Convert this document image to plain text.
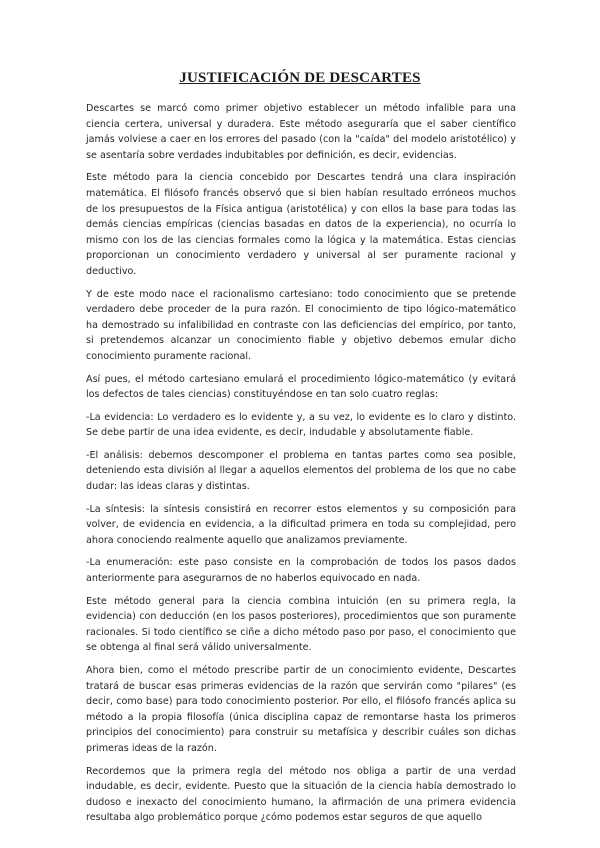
JUSTIFICACIÓN DE DESCARTES

Descartes se marcó como primer objetivo establecer un método infalible para una ciencia certera, universal y duradera. Este método aseguraría que el saber científico jamás volviese a caer en los errores del pasado (con la "caída" del modelo aristotélico) y se asentaría sobre verdades indubitables por definición, es decir, evidencias.

Este método para la ciencia concebido por Descartes tendrá una clara inspiración matemática. El filósofo francés observó que si bien habían resultado erróneos muchos de los presupuestos de la Física antigua (aristotélica) y con ellos la base para todas las demás ciencias empíricas (ciencias basadas en datos de la experiencia), no ocurría lo mismo con los de las ciencias formales como la lógica y la matemática. Estas ciencias proporcionan un conocimiento verdadero y universal al ser puramente racional y deductivo.

Y de este modo nace el racionalismo cartesiano: todo conocimiento que se pretende verdadero debe proceder de la pura razón. El conocimiento de tipo lógico-matemático ha demostrado su infalibilidad en contraste con las deficiencias del empírico, por tanto, si pretendemos alcanzar un conocimiento fiable y objetivo debemos emular dicho conocimiento puramente racional.

Así pues, el método cartesiano emulará el procedimiento lógico-matemático (y evitará los defectos de tales ciencias) constituyéndose en tan solo cuatro reglas:

-La evidencia: Lo verdadero es lo evidente y, a su vez, lo evidente es lo claro y distinto. Se debe partir de una idea evidente, es decir, indudable y absolutamente fiable.

-El análisis: debemos descomponer el problema en tantas partes como sea posible, deteniendo esta división al llegar a aquellos elementos del problema de los que no cabe dudar: las ideas claras y distintas.

-La síntesis: la síntesis consistirá en recorrer estos elementos y su composición para volver, de evidencia en evidencia, a la dificultad primera en toda su complejidad, pero ahora conociendo realmente aquello que analizamos previamente.

-La enumeración: este paso consiste en la comprobación de todos los pasos dados anteriormente para asegurarnos de no haberlos equivocado en nada.

Este método general para la ciencia combina intuición (en su primera regla, la evidencia) con deducción (en los pasos posteriores), procedimientos que son puramente racionales. Si todo científico se ciñe a dicho método paso por paso, el conocimiento que se obtenga al final será válido universalmente.

Ahora bien, como el método prescribe partir de un conocimiento evidente, Descartes tratará de buscar esas primeras evidencias de la razón que servirán como "pilares" (es decir, como base) para todo conocimiento posterior. Por ello, el filósofo francés aplica su método a la propia filosofía (única disciplina capaz de remontarse hasta los primeros principios del conocimiento) para construir su metafísica y describir cuáles son dichas primeras ideas de la razón.

Recordemos que la primera regla del método nos obliga a partir de una verdad indudable, es decir, evidente. Puesto que la situación de la ciencia había demostrado lo dudoso e inexacto del conocimiento humano, la afirmación de una primera evidencia resultaba algo problemático porque ¿cómo podemos estar seguros de que aquello
